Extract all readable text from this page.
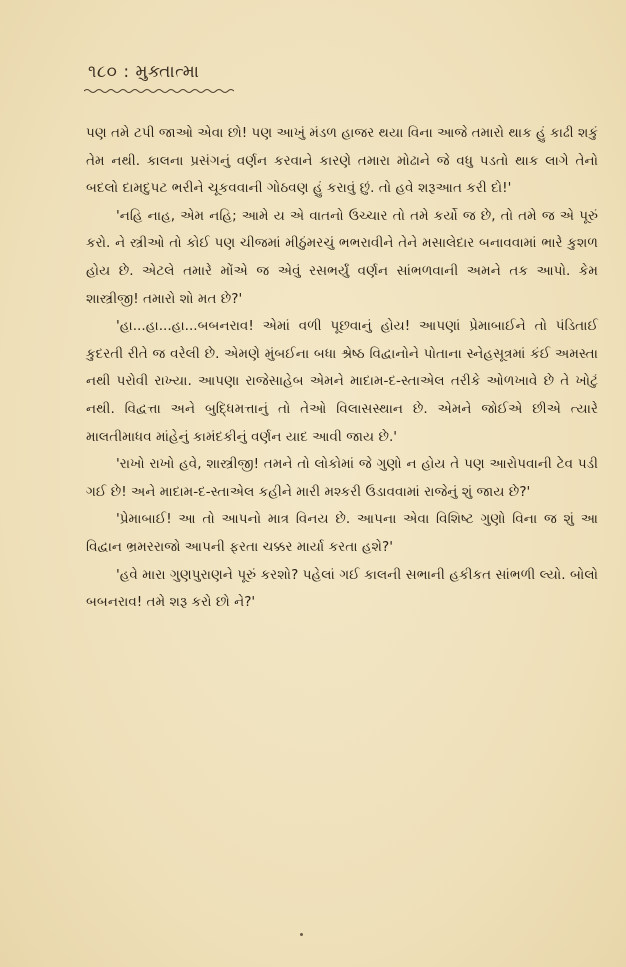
૧૮૦ : મુક્તાત્મા

પણ તમે ટપી જાઓ એવા છો! પણ આખું મંડળ હાજર થયા વિના આજે તમારો થાક હું કાઢી શકું તેમ નથી. કાલના પ્રસંગનું વર્ણન કરવાને કારણે તમારા મોઢાને જે વધુ પડતો થાક લાગે તેનો બદલો દામદુપટ ભરીને ચૂકવવાની ગોઠવણ હું કરાવું છું. તો હવે શરૂઆત કરી દો!'

'નહિ નાહ, એમ નહિ; આમે ય એ વાતનો ઉચ્ચાર તો તમે કર્યો જ છે, તો તમે જ એ પૂરું કરો. ને સ્ત્રીઓ તો કોઈ પણ ચીજમાં મીઠુંમરચું ભભરાવીને તેને મસાલેદાર બનાવવામાં ભારે કુશળ હોય છે. એટલે તમારે મોંએ જ એવું રસભર્યું વર્ણન સાંભળવાની અમને તક આપો. કેમ શાસ્ત્રીજી! તમારો શો મત છે?'

'હા...હા...હા...બબનરાવ! એમાં વળી પૂછવાનું હોય! આપણાં પ્રેમાબાઈને તો પંડિતાઈ કુદરતી રીતે જ વરેલી છે. એમણે મુંબઈના બધા શ્રેષ્ઠ વિદ્વાનોને પોતાના સ્નેહસૂત્રમાં કંઈ અમસ્તા નથી પરોવી રાખ્યા. આપણા રાજેસાહેબ એમને માદામ-દ-સ્તાએલ તરીકે ઓળખાવે છે તે ખોટું નથી. વિદ્વત્તા અને બુદ્ધિમત્તાનું તો તેઓ વિલાસસ્થાન છે. એમને જોઈએ છીએ ત્યારે માલતીમાધવ માંહેનું કામંદકીનું વર્ણન યાદ આવી જાય છે.'

'રાખો રાખો હવે, શાસ્ત્રીજી! તમને તો લોકોમાં જે ગુણો ન હોય તે પણ આરોપવાની ટેવ પડી ગઈ છે! અને માદામ-દ-સ્તાએલ કહીને મારી મશ્કરી ઉડાવવામાં રાજેનું શું જાય છે?'

'પ્રેમાબાઈ! આ તો આપનો માત્ર વિનય છે. આપના એવા વિશિષ્ટ ગુણો વિના જ શું આ વિદ્વાન ભ્રમરરાજો આપની ફરતા ચક્કર માર્યા કરતા હશે?'

'હવે મારા ગુણપુરાણને પૂરું કરશો? પહેલાં ગઈ કાલની સભાની હકીકત સાંભળી લ્યો. બોલો બબનરાવ! તમે શરૂ કરો છો ને?'
